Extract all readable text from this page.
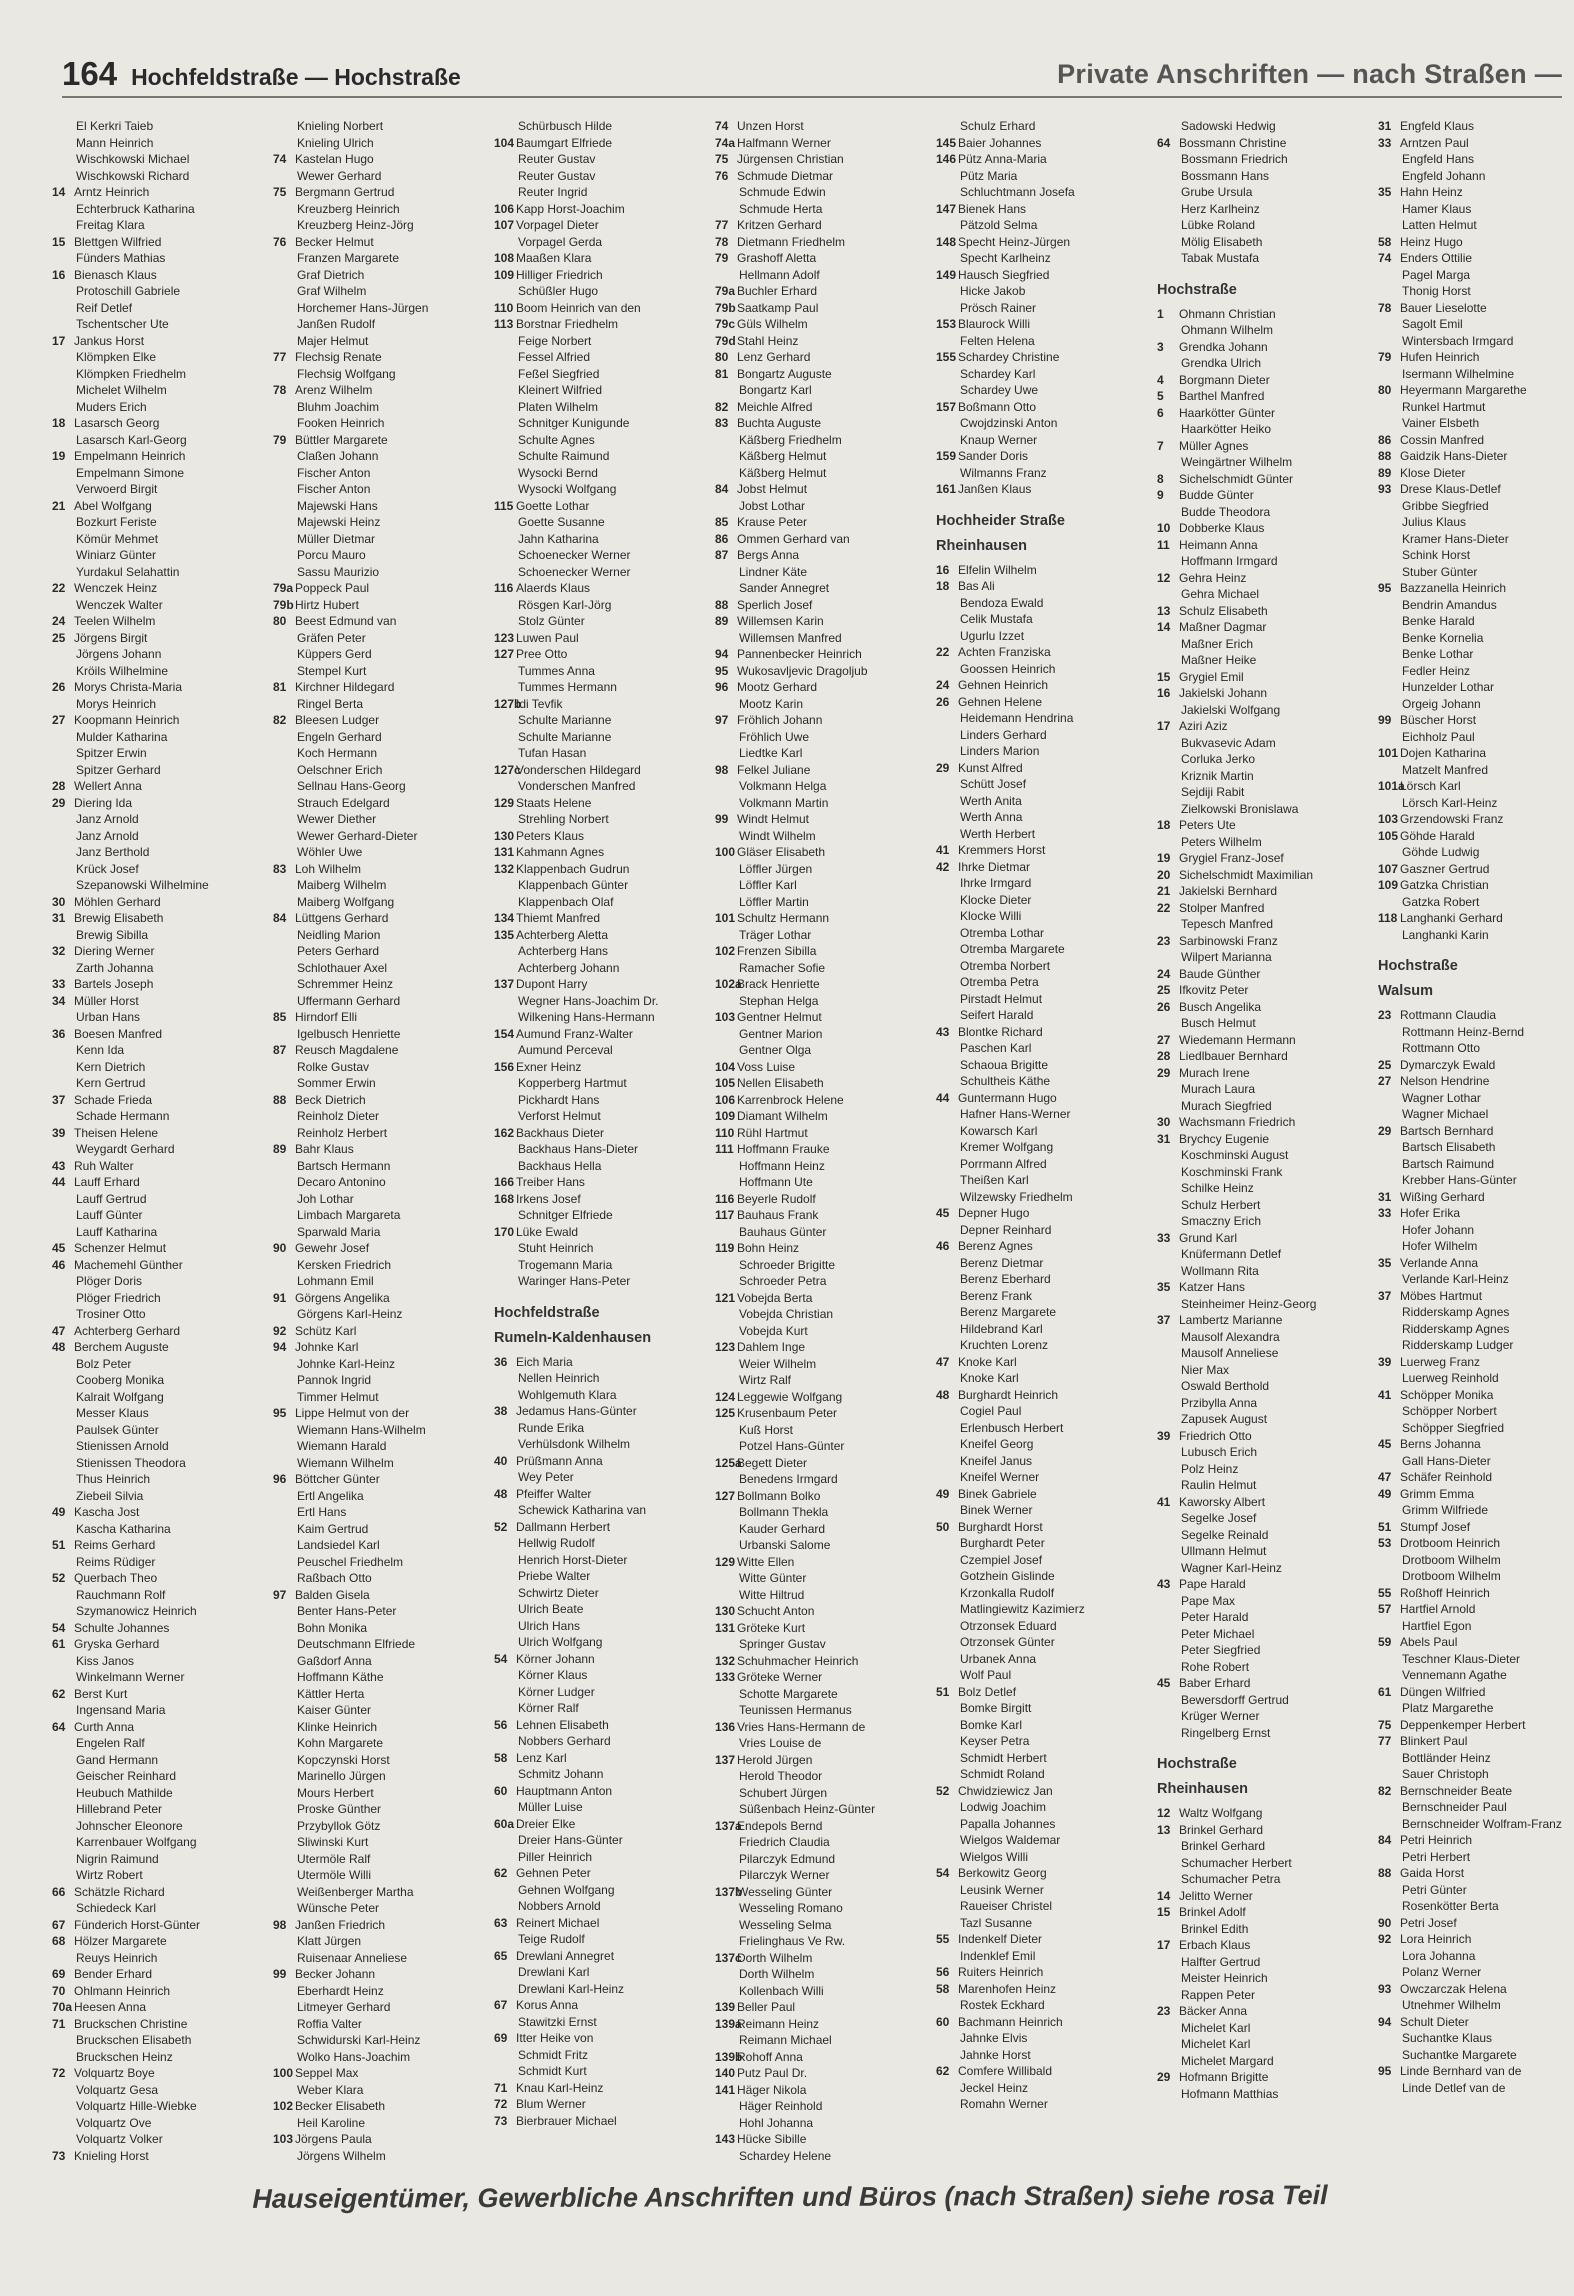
164 Hochfeldstraße — Hochstraße	Private Anschriften — nach Straßen —
El Kerkri Taieb
Mann Heinrich
Wischkowski Michael
Wischkowski Richard
14 Arntz Heinrich
Echterbruck Katharina
Freitag Klara
15 Blettgen Wilfried
Fünders Mathias
16 Bienasch Klaus
Protoschill Gabriele
Reif Detlef
Tschentscher Ute
17 Jankus Horst
Klömpken Elke
Klömpken Friedhelm
Michelet Wilhelm
Muders Erich
18 Lasarsch Georg
Lasarsch Karl-Georg
19 Empelmann Heinrich
Empelmann Simone
Verwoerd Birgit
21 Abel Wolfgang
Bozkurt Feriste
Kömür Mehmet
Winiarz Günter
Yurdakul Selahattin
22 Wenczek Heinz
Wenczek Walter
24 Teelen Wilhelm
25 Jörgens Birgit
Jörgens Johann
Kröils Wilhelmine
26 Morys Christa-Maria
Morys Heinrich
27 Koopmann Heinrich
Mulder Katharina
Spitzer Erwin
Spitzer Gerhard
28 Wellert Anna
29 Diering Ida
Janz Arnold
Janz Arnold
Janz Berthold
Krück Josef
Szepanowski Wilhelmine
30 Möhlen Gerhard
31 Brewig Elisabeth
Brewig Sibilla
32 Diering Werner
Zarth Johanna
33 Bartels Joseph
34 Müller Horst
Urban Hans
36 Boesen Manfred
Kenn Ida
Kern Dietrich
Kern Gertrud
37 Schade Frieda
Schade Hermann
39 Theisen Helene
Weygardt Gerhard
43 Ruh Walter
44 Lauff Erhard
Lauff Gertrud
Lauff Günter
Lauff Katharina
45 Schenzer Helmut
46 Machemehl Günther
Plöger Doris
Plöger Friedrich
Trosiner Otto
47 Achterberg Gerhard
48 Berchem Auguste
Bolz Peter
Cooberg Monika
Kalrait Wolfgang
Messer Klaus
Paulsek Günter
Stienissen Arnold
Stienissen Theodora
Thus Heinrich
Ziebeil Silvia
49 Kascha Jost
Kascha Katharina
51 Reims Gerhard
Reims Rüdiger
52 Querbach Theo
Rauchmann Rolf
Szymanowicz Heinrich
54 Schulte Johannes
61 Gryska Gerhard
Kiss Janos
Winkelmann Werner
62 Berst Kurt
Ingensand Maria
64 Curth Anna
Engelen Ralf
Gand Hermann
Geischer Reinhard
Heubuch Mathilde
Hillebrand Peter
Johnscher Eleonore
Karrenbauer Wolfgang
Nigrin Raimund
Wirtz Robert
66 Schätzle Richard
Schiedeck Karl
67 Fünderich Horst-Günter
68 Hölzer Margarete
Reuys Heinrich
69 Bender Erhard
70 Ohlmann Heinrich
70a Heesen Anna
71 Bruckschen Christine
Bruckschen Elisabeth
Bruckschen Heinz
72 Volquartz Boye
Volquartz Gesa
Volquartz Hille-Wiebke
Volquartz Ove
Volquartz Volker
73 Knieling Horst
Knieling Norbert
Knieling Ulrich
74 Kastelan Hugo
Wewer Gerhard
75 Bergmann Gertrud
Kreuzberg Heinrich
Kreuzberg Heinz-Jörg
76 Becker Helmut
Franzen Margarete
Graf Dietrich
Graf Wilhelm
Horchemer Hans-Jürgen
Janßen Rudolf
Majer Helmut
77 Flechsig Renate
Flechsig Wolfgang
78 Arenz Wilhelm
Bluhm Joachim
Fooken Heinrich
79 Büttler Margarete
Claßen Johann
Fischer Anton
Fischer Anton
Majewski Hans
Majewski Heinz
Müller Dietmar
Porcu Mauro
Sassu Maurizio
79a Poppeck Paul
79bHirtz Hubert
80 Beest Edmund van
Gräfen Peter
Küppers Gerd
Stempel Kurt
81 Kirchner Hildegard
Ringel Berta
82 Bleesen Ludger
Engeln Gerhard
Koch Hermann
Oelschner Erich
Sellnau Hans-Georg
Strauch Edelgard
Wewer Diether
Wewer Gerhard-Dieter
Wöhler Uwe
83 Loh Wilhelm
Maiberg Wilhelm
Maiberg Wolfgang
84 Lüttgens Gerhard
Neidling Marion
Peters Gerhard
Schlothauer Axel
Schremmer Heinz
Uffermann Gerhard
85 Hirndorf Elli
Igelbusch Henriette
87 Reusch Magdalene
Rolke Gustav
Sommer Erwin
88 Beck Dietrich
Reinholz Dieter
Reinholz Herbert
89 Bahr Klaus
Bartsch Hermann
Decaro Antonino
Joh Lothar
Limbach Margareta
Sparwald Maria
90 Gewehr Josef
Kersken Friedrich
Lohmann Emil
91 Görgens Angelika
Görgens Karl-Heinz
92 Schütz Karl
94 Johnke Karl
Johnke Karl-Heinz
Pannok Ingrid
Timmer Helmut
95 Lippe Helmut von der
Wiemann Hans-Wilhelm
Wiemann Harald
Wiemann Wilhelm
96 Böttcher Günter
Ertl Angelika
Ertl Hans
Kaim Gertrud
Landsiedel Karl
Peuschel Friedhelm
Raßbach Otto
97 Balden Gisela
Benter Hans-Peter
Bohn Monika
Deutschmann Elfriede
Gaßdorf Anna
Hoffmann Käthe
Kättler Herta
Kaiser Günter
Klinke Heinrich
Kohn Margarete
Kopczynski Horst
Marinello Jürgen
Mours Herbert
Proske Günther
Przybyllok Götz
Sliwinski Kurt
Utermöle Ralf
Utermöle Willi
Weißenberger Martha
Wünsche Peter
98 Janßen Friedrich
Klatt Jürgen
Ruisenaar Anneliese
99 Becker Johann
Eberhardt Heinz
Litmeyer Gerhard
Roffia Valter
Schwidurski Karl-Heinz
Wolko Hans-Joachim
100 Seppel Max
Weber Klara
102 Becker Elisabeth
Heil Karoline
103 Jörgens Paula
Jörgens Wilhelm
Schürbusch Hilde
104 Baumgart Elfriede
Reuter Gustav
Reuter Gustav
Reuter Ingrid
106 Kapp Horst-Joachim
107 Vorpagel Dieter
Vorpagel Gerda
108 Maaßen Klara
109 Hilliger Friedrich
Schüßler Hugo
110 Boom Heinrich van den
113 Borstnar Friedhelm
Feige Norbert
Fessel Alfried
Feßel Siegfried
Kleinert Wilfried
Platen Wilhelm
Schnitger Kunigunde
Schulte Agnes
Schulte Raimund
Wysocki Bernd
Wysocki Wolfgang
115 Goette Lothar
Goette Susanne
Jahn Katharina
Schoenecker Werner
Schoenecker Werner
116 Alaerds Klaus
Rösgen Karl-Jörg
Stolz Günter
123 Luwen Paul
127 Pree Otto
Tummes Anna
Tummes Hermann
127bIdi Tevfik
Schulte Marianne
Schulte Marianne
Tufan Hasan
127cVonderschen Hildegard
Vonderschen Manfred
129 Staats Helene
Strehling Norbert
130 Peters Klaus
131 Kahmann Agnes
132 Klappenbach Gudrun
Klappenbach Günter
Klappenbach Olaf
134 Thiemt Manfred
135 Achterberg Aletta
Achterberg Hans
Achterberg Johann
137 Dupont Harry
Wegner Hans-Joachim Dr.
Wilkening Hans-Hermann
154 Aumund Franz-Walter
Aumund Perceval
156 Exner Heinz
Kopperberg Hartmut
Pickhardt Hans
Verforst Helmut
162 Backhaus Dieter
Backhaus Hans-Dieter
Backhaus Hella
166 Treiber Hans
168 Irkens Josef
Schnitger Elfriede
170 Lüke Ewald
Stuht Heinrich
Trogemann Maria
Waringer Hans-Peter
Hochfeldstraße
Rumeln-Kaldenhausen
36 Eich Maria
Nellen Heinrich
Wohlgemuth Klara
38 Jedamus Hans-Günter
Runde Erika
Verhülsdonk Wilhelm
40 Prüßmann Anna
Wey Peter
48 Pfeiffer Walter
Schewick Katharina van
52 Dallmann Herbert
Hellwig Rudolf
Henrich Horst-Dieter
Priebe Walter
Schwirtz Dieter
Ulrich Beate
Ulrich Hans
Ulrich Wolfgang
54 Körner Johann
Körner Klaus
Körner Ludger
Körner Ralf
56 Lehnen Elisabeth
Nobbers Gerhard
58 Lenz Karl
Schmitz Johann
60 Hauptmann Anton
Müller Luise
60a Dreier Elke
Dreier Hans-Günter
Piller Heinrich
62 Gehnen Peter
Gehnen Wolfgang
Nobbers Arnold
63 Reinert Michael
Teige Rudolf
65 Drewlani Annegret
Drewlani Karl
Drewlani Karl-Heinz
67 Korus Anna
Stawitzki Ernst
69 Itter Heike von
Schmidt Fritz
Schmidt Kurt
71 Knau Karl-Heinz
72 Blum Werner
73 Bierbrauer Michael
74 Unzen Horst
74a Halfmann Werner
75 Jürgensen Christian
76 Schmude Dietmar
Schmude Edwin
Schmude Herta
77 Kritzen Gerhard
78 Dietmann Friedhelm
79 Grashoff Aletta
Hellmann Adolf
79a Buchler Erhard
79bSaatkamp Paul
79c Güls Wilhelm
79dStahl Heinz
80 Lenz Gerhard
81 Bongartz Auguste
Bongartz Karl
82 Meichle Alfred
83 Buchta Auguste
Käßberg Friedhelm
Käßberg Helmut
Käßberg Helmut
84 Jobst Helmut
Jobst Lothar
85 Krause Peter
86 Ommen Gerhard van
87 Bergs Anna
Lindner Käte
Sander Annegret
88 Sperlich Josef
89 Willemsen Karin
Willemsen Manfred
94 Pannenbecker Heinrich
95 Wukosavljevic Dragoljub
96 Mootz Gerhard
Mootz Karin
97 Fröhlich Johann
Fröhlich Uwe
Liedtke Karl
98 Felkel Juliane
Volkmann Helga
Volkmann Martin
99 Windt Helmut
Windt Wilhelm
100 Gläser Elisabeth
Löffler Jürgen
Löffler Karl
Löffler Martin
101 Schultz Hermann
Träger Lothar
102 Frenzen Sibilla
Ramacher Sofie
102aBrack Henriette
Stephan Helga
103 Gentner Helmut
Gentner Marion
Gentner Olga
104 Voss Luise
105 Nellen Elisabeth
106 Karrenbrock Helene
109 Diamant Wilhelm
110 Rühl Hartmut
111 Hoffmann Frauke
Hoffmann Heinz
Hoffmann Ute
116 Beyerle Rudolf
117 Bauhaus Frank
Bauhaus Günter
119 Bohn Heinz
Schroeder Brigitte
Schroeder Petra
121 Vobejda Berta
Vobejda Christian
Vobejda Kurt
123 Dahlem Inge
Weier Wilhelm
Wirtz Ralf
124 Leggewie Wolfgang
125 Krusenbaum Peter
Kuß Horst
Potzel Hans-Günter
125aBegett Dieter
Benedens Irmgard
127 Bollmann Bolko
Bollmann Thekla
Kauder Gerhard
Urbanski Salome
129 Witte Ellen
Witte Günter
Witte Hiltrud
130 Schucht Anton
131 Gröteke Kurt
Springer Gustav
132 Schuhmacher Heinrich
133 Gröteke Werner
Schotte Margarete
Teunissen Hermanus
136 Vries Hans-Hermann de
Vries Louise de
137 Herold Jürgen
Herold Theodor
Schubert Jürgen
Süßenbach Heinz-Günter
137aEndepols Bernd
Friedrich Claudia
Pilarczyk Edmund
Pilarczyk Werner
137bWesseling Günter
Wesseling Romano
Wesseling Selma
Frielinghaus Ve Rw.
137cDorth Wilhelm
Dorth Wilhelm
Kollenbach Willi
139 Beller Paul
139aReimann Heinz
Reimann Michael
139bRohoff Anna
140 Putz Paul Dr.
141 Häger Nikola
Häger Reinhold
Hohl Johanna
143 Hücke Sibille
Schardey Helene
Schulz Erhard
145 Baier Johannes
146 Pütz Anna-Maria
Pütz Maria
Schluchtmann Josefa
147 Bienek Hans
Pätzold Selma
148 Specht Heinz-Jürgen
Specht Karlheinz
149 Hausch Siegfried
Hicke Jakob
Prösch Rainer
153 Blaurock Willi
Felten Helena
155 Schardey Christine
Schardey Karl
Schardey Uwe
157 Boßmann Otto
Cwojdzinski Anton
Knaup Werner
159 Sander Doris
Wilmanns Franz
161 Janßen Klaus
Hochheider Straße
Rheinhausen
16 Elfelin Wilhelm
18 Bas Ali
Bendoza Ewald
Celik Mustafa
Ugurlu Izzet
22 Achten Franziska
Goossen Heinrich
24 Gehnen Heinrich
26 Gehnen Helene
Heidemann Hendrina
Linders Gerhard
Linders Marion
29 Kunst Alfred
Schütt Josef
Werth Anita
Werth Anna
Werth Herbert
41 Kremmers Horst
42 Ihrke Dietmar
Ihrke Irmgard
Klocke Dieter
Klocke Willi
Otremba Lothar
Otremba Margarete
Otremba Norbert
Otremba Petra
Pirstadt Helmut
Seifert Harald
43 Blontke Richard
Paschen Karl
Schaoua Brigitte
Schultheis Käthe
44 Guntermann Hugo
Hafner Hans-Werner
Kowarsch Karl
Kremer Wolfgang
Porrmann Alfred
Theißen Karl
Wilzewsky Friedhelm
45 Depner Hugo
Depner Reinhard
46 Berenz Agnes
Berenz Dietmar
Berenz Eberhard
Berenz Frank
Berenz Margarete
Hildebrand Karl
Kruchten Lorenz
47 Knoke Karl
Knoke Karl
48 Burghardt Heinrich
Cogiel Paul
Erlenbusch Herbert
Kneifel Georg
Kneifel Janus
Kneifel Werner
49 Binek Gabriele
Binek Werner
50 Burghardt Horst
Burghardt Peter
Czempiel Josef
Gotzhein Gislinde
Krzonkalla Rudolf
Matlingiewitz Kazimierz
Otrzonsek Eduard
Otrzonsek Günter
Urbanek Anna
Wolf Paul
51 Bolz Detlef
Bomke Birgitt
Bomke Karl
Keyser Petra
Schmidt Herbert
Schmidt Roland
52 Chwidziewicz Jan
Lodwig Joachim
Papalla Johannes
Wielgos Waldemar
Wielgos Willi
54 Berkowitz Georg
Leusink Werner
Raueiser Christel
Tazl Susanne
55 Indenkelf Dieter
Indenklef Emil
56 Ruiters Heinrich
58 Marenhofen Heinz
Rostek Eckhard
60 Bachmann Heinrich
Jahnke Elvis
Jahnke Horst
62 Comfere Willibald
Jeckel Heinz
Romahn Werner
Sadowski Hedwig
64 Bossmann Christine
Bossmann Friedrich
Bossmann Hans
Grube Ursula
Herz Karlheinz
Lübke Roland
Mölig Elisabeth
Tabak Mustafa
Hochstraße
1 Ohmann Christian
Ohmann Wilhelm
3 Grendka Johann
Grendka Ulrich
4 Borgmann Dieter
5 Barthel Manfred
6 Haarkötter Günter
Haarkötter Heiko
7 Müller Agnes
Weingärtner Wilhelm
8 Sichelschmidt Günter
9 Budde Günter
Budde Theodora
10 Dobberke Klaus
11 Heimann Anna
Hoffmann Irmgard
12 Gehra Heinz
Gehra Michael
13 Schulz Elisabeth
14 Maßner Dagmar
Maßner Erich
Maßner Heike
15 Grygiel Emil
16 Jakielski Johann
Jakielski Wolfgang
17 Aziri Aziz
Bukvasevic Adam
Corluka Jerko
Kriznik Martin
Sejdiji Rabit
Zielkowski Bronislawa
18 Peters Ute
Peters Wilhelm
19 Grygiel Franz-Josef
20 Sichelschmidt Maximilian
21 Jakielski Bernhard
22 Stolper Manfred
Tepesch Manfred
23 Sarbinowski Franz
Wilpert Marianna
24 Baude Günther
25 Ifkovitz Peter
26 Busch Angelika
Busch Helmut
27 Wiedemann Hermann
28 Liedlbauer Bernhard
29 Murach Irene
Murach Laura
Murach Siegfried
30 Wachsmann Friedrich
31 Brychcy Eugenie
Koschminski August
Koschminski Frank
Schilke Heinz
Schulz Herbert
Smaczny Erich
33 Grund Karl
Knüfermann Detlef
Wollmann Rita
35 Katzer Hans
Steinheimer Heinz-Georg
37 Lambertz Marianne
Mausolf Alexandra
Mausolf Anneliese
Nier Max
Oswald Berthold
Przibylla Anna
Zapusek August
39 Friedrich Otto
Lubusch Erich
Polz Heinz
Raulin Helmut
41 Kaworsky Albert
Segelke Josef
Segelke Reinald
Ullmann Helmut
Wagner Karl-Heinz
43 Pape Harald
Pape Max
Peter Harald
Peter Michael
Peter Siegfried
Rohe Robert
45 Baber Erhard
Bewersdorff Gertrud
Krüger Werner
Ringelberg Ernst
Hochstraße
Rheinhausen
12 Waltz Wolfgang
13 Brinkel Gerhard
Brinkel Gerhard
Schumacher Herbert
Schumacher Petra
14 Jelitto Werner
15 Brinkel Adolf
Brinkel Edith
17 Erbach Klaus
Halfter Gertrud
Meister Heinrich
Rappen Peter
23 Bäcker Anna
Michelet Karl
Michelet Karl
Michelet Margard
29 Hofmann Brigitte
Hofmann Matthias
31 Engfeld Klaus
33 Arntzen Paul
Engfeld Hans
Engfeld Johann
35 Hahn Heinz
Hamer Klaus
Latten Helmut
58 Heinz Hugo
74 Enders Ottilie
Pagel Marga
Thonig Horst
78 Bauer Lieselotte
Sagolt Emil
Wintersbach Irmgard
79 Hufen Heinrich
Isermann Wilhelmine
80 Heyermann Margarethe
Runkel Hartmut
Vainer Elsbeth
86 Cossin Manfred
88 Gaidzik Hans-Dieter
89 Klose Dieter
93 Drese Klaus-Detlef
Gribbe Siegfried
Julius Klaus
Kramer Hans-Dieter
Schink Horst
Stuber Günter
95 Bazzanella Heinrich
Bendrin Amandus
Benke Harald
Benke Kornelia
Benke Lothar
Fedler Heinz
Hunzelder Lothar
Orgeig Johann
99 Büscher Horst
Eichholz Paul
101 Dojen Katharina
Matzelt Manfred
101aLörsch Karl
Lörsch Karl-Heinz
103 Grzendowski Franz
105 Göhde Harald
Göhde Ludwig
107 Gaszner Gertrud
109 Gatzka Christian
Gatzka Robert
118 Langhanki Gerhard
Langhanki Karin
Hochstraße
Walsum
23 Rottmann Claudia
Rottmann Heinz-Bernd
Rottmann Otto
25 Dymarczyk Ewald
27 Nelson Hendrine
Wagner Lothar
Wagner Michael
29 Bartsch Bernhard
Bartsch Elisabeth
Bartsch Raimund
Krebber Hans-Günter
31 Wißing Gerhard
33 Hofer Erika
Hofer Johann
Hofer Wilhelm
35 Verlande Anna
Verlande Karl-Heinz
37 Möbes Hartmut
Ridderskamp Agnes
Ridderskamp Agnes
Ridderskamp Ludger
39 Luerweg Franz
Luerweg Reinhold
41 Schöpper Monika
Schöpper Norbert
Schöpper Siegfried
45 Berns Johanna
Gall Hans-Dieter
47 Schäfer Reinhold
49 Grimm Emma
Grimm Wilfriede
51 Stumpf Josef
53 Drotboom Heinrich
Drotboom Wilhelm
Drotboom Wilhelm
55 Roßhoff Heinrich
57 Hartfiel Arnold
Hartfiel Egon
59 Abels Paul
Teschner Klaus-Dieter
Vennemann Agathe
61 Düngen Wilfried
Platz Margarethe
75 Deppenkemper Herbert
77 Blinkert Paul
Bottländer Heinz
Sauer Christoph
82 Bernschneider Beate
Bernschneider Paul
Bernschneider Wolfram-Franz
84 Petri Heinrich
Petri Herbert
88 Gaida Horst
Petri Günter
Rosenkötter Berta
90 Petri Josef
92 Lora Heinrich
Lora Johanna
Polanz Werner
93 Owczarczak Helena
Utnehmer Wilhelm
94 Schult Dieter
Suchantke Klaus
Suchantke Margarete
95 Linde Bernhard van de
Linde Detlef van de
Hauseigentümer, Gewerbliche Anschriften und Büros (nach Straßen) siehe rosa Teil
